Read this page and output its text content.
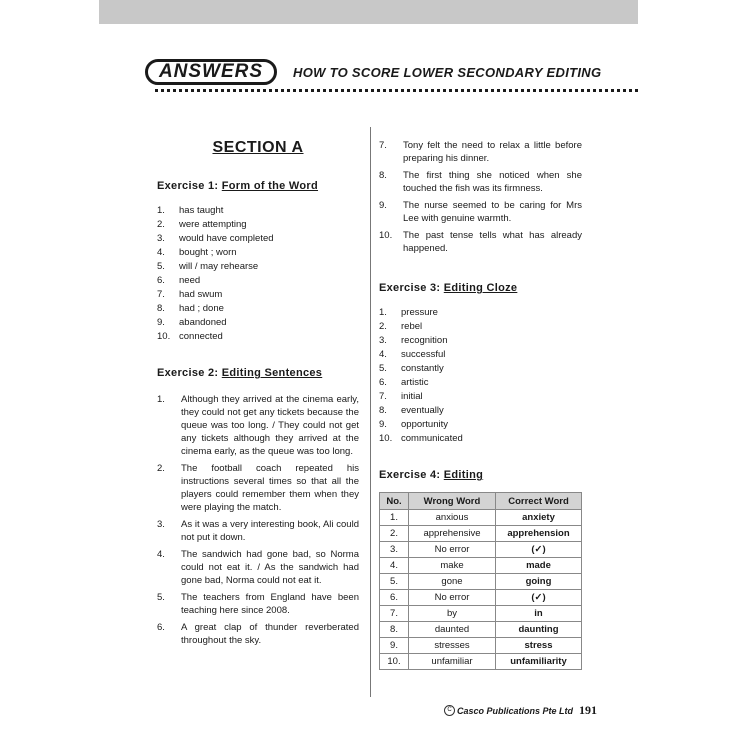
ANSWERS HOW TO SCORE LOWER SECONDARY EDITING
SECTION A
Exercise 1: Form of the Word
1.	has taught
2.	were attempting
3.	would have completed
4.	bought ; worn
5.	will / may rehearse
6.	need
7.	had swum
8.	had ; done
9.	abandoned
10. connected
Exercise 2: Editing Sentences
1.	Although they arrived at the cinema early, they could not get any tickets because the queue was too long. / They could not get any tickets although they arrived at the cinema early, as the queue was too long.
2.	The football coach repeated his instructions several times so that all the players could remember them when they were playing the match.
3.	As it was a very interesting book, Ali could not put it down.
4.	The sandwich had gone bad, so Norma could not eat it. / As the sandwich had gone bad, Norma could not eat it.
5.	The teachers from England have been teaching here since 2008.
6.	A great clap of thunder reverberated throughout the sky.
7.	Tony felt the need to relax a little before preparing his dinner.
8.	The first thing she noticed when she touched the fish was its firmness.
9.	The nurse seemed to be caring for Mrs Lee with genuine warmth.
10.	The past tense tells what has already happened.
Exercise 3: Editing Cloze
1.	pressure
2.	rebel
3.	recognition
4.	successful
5.	constantly
6.	artistic
7.	initial
8.	eventually
9.	opportunity
10. communicated
Exercise 4: Editing
No.	Wrong Word	Correct Word
1.	anxious	anxiety
2.	apprehensive	apprehension
3.	No error	(✓)
4.	make	made
5.	gone	going
6.	No error	(✓)
7.	by	in
8.	daunted	daunting
9.	stresses	stress
10.	unfamiliar	unfamiliarity
C Casco Publications Pte Ltd 191
